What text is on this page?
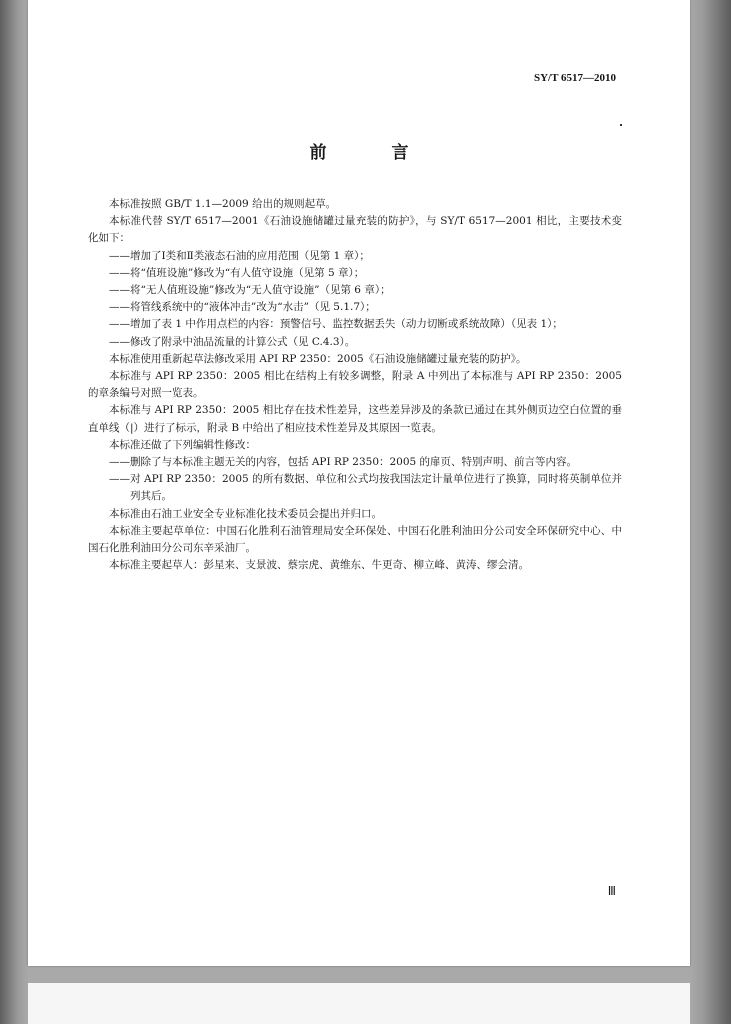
SY/T 6517—2010
前　言

本标准按照 GB/T 1.1—2009 给出的规则起草。

本标准代替 SY/T 6517—2001《石油设施储罐过量充装的防护》，与 SY/T 6517—2001 相比，主要技术变化如下：

——增加了Ⅰ类和Ⅱ类液态石油的应用范围（见第 1 章）；

——将“值班设施”修改为“有人值守设施（见第 5 章）；

——将“无人值班设施”修改为“无人值守设施”（见第 6 章）；

——将管线系统中的“液体冲击”改为“水击”（见 5.1.7）；

——增加了表 1 中作用点栏的内容：预警信号、监控数据丢失（动力切断或系统故障）（见表 1）；

——修改了附录中油品流量的计算公式（见 C.4.3）。

本标准使用重新起草法修改采用 API RP 2350：2005《石油设施储罐过量充装的防护》。

本标准与 API RP 2350：2005 相比在结构上有较多调整，附录 A 中列出了本标准与 API RP 2350：2005 的章条编号对照一览表。

本标准与 API RP 2350：2005 相比存在技术性差异，这些差异涉及的条款已通过在其外侧页边空白位置的垂直单线（|）进行了标示，附录 B 中给出了相应技术性差异及其原因一览表。

本标准还做了下列编辑性修改：

——删除了与本标准主题无关的内容，包括 API RP 2350：2005 的扉页、特别声明、前言等内容。

——对 API RP 2350：2005 的所有数据、单位和公式均按我国法定计量单位进行了换算，同时将英制单位并列其后。

本标准由石油工业安全专业标准化技术委员会提出并归口。

本标准主要起草单位：中国石化胜利石油管理局安全环保处、中国石化胜利油田分公司安全环保研究中心、中国石化胜利油田分公司东辛采油厂。

本标准主要起草人：彭星来、支景波、蔡宗虎、黄维东、牛更奇、柳立峰、黄涛、缪会清。

Ⅲ
